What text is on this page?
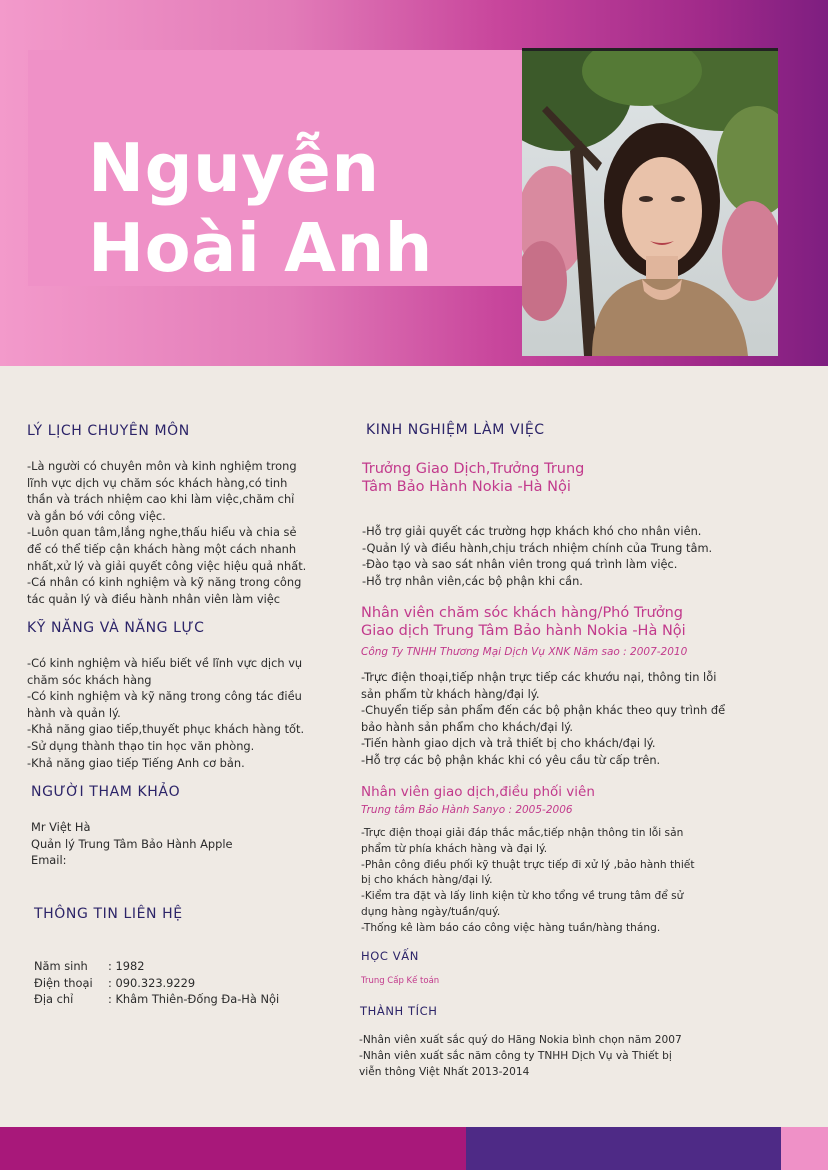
Nguyễn
Hoài Anh
LÝ LỊCH CHUYÊN MÔN
-Là người có chuyên môn và kinh nghiệm trong
lĩnh vực dịch vụ chăm sóc khách hàng,có tinh
thần và trách nhiệm cao khi làm việc,chăm chỉ
và gắn bó với công việc.
-Luôn quan tâm,lắng nghe,thấu hiểu và chia sẻ
để có thể tiếp cận khách hàng một cách nhanh
nhất,xử lý và giải quyết công việc hiệu quả nhất.
-Cá nhân có kinh nghiệm và kỹ năng trong công
tác quản lý và điều hành nhân viên làm việc
KỸ NĂNG VÀ NĂNG LỰC
-Có kinh nghiệm và hiểu biết về lĩnh vực dịch vụ
chăm sóc khách hàng
-Có kinh nghiệm và kỹ năng trong công tác điều
hành và quản lý.
-Khả năng giao tiếp,thuyết phục khách hàng tốt.
-Sử dụng thành thạo tin học văn phòng.
-Khả năng giao tiếp Tiếng Anh cơ bản.
NGƯỜI THAM KHẢO
Mr Việt Hà
Quản lý Trung Tâm Bảo Hành Apple
Email:
THÔNG TIN LIÊN HỆ
Năm sinh : 1982
Điện thoại : 090.323.9229
Địa chỉ	: Khâm Thiên-Đống Đa-Hà Nội
KINH NGHIỆM LÀM VIỆC
Trưởng Giao Dịch,Trưởng Trung
Tâm Bảo Hành Nokia -Hà Nội
-Hỗ trợ giải quyết các trường hợp khách khó cho nhân viên.
-Quản lý và điều hành,chịu trách nhiệm chính của Trung tâm.
-Đào tạo và sao sát nhân viên trong quá trình làm việc.
-Hỗ trợ nhân viên,các bộ phận khi cần.
Nhân viên chăm sóc khách hàng/Phó Trưởng
Giao dịch Trung Tâm Bảo hành Nokia -Hà Nội
Công Ty TNHH Thương Mại Dịch Vụ XNK Năm sao : 2007-2010
-Trực điện thoại,tiếp nhận trực tiếp các khướu nại, thông tin lỗi
sản phẩm từ khách hàng/đại lý.
-Chuyển tiếp sản phẩm đến các bộ phận khác theo quy trình để
bảo hành sản phẩm cho khách/đại lý.
-Tiến hành giao dịch và trả thiết bị cho khách/đại lý.
-Hỗ trợ các bộ phận khác khi có yêu cầu từ cấp trên.
Nhân viên giao dịch,điều phối viên
Trung tâm Bảo Hành Sanyo : 2005-2006
-Trực điện thoại giải đáp thắc mắc,tiếp nhận thông tin lỗi sản
phẩm từ phía khách hàng và đại lý.
-Phân công điều phối kỹ thuật trực tiếp đi xử lý ,bảo hành thiết
bị cho khách hàng/đại lý.
-Kiểm tra đặt và lấy linh kiện từ kho tổng về trung tâm để sử
dụng hàng ngày/tuần/quý.
-Thống kê làm báo cáo công việc hàng tuần/hàng tháng.
HỌC VẤN
Trung Cấp Kế toán
THÀNH TÍCH
-Nhân viên xuất sắc quý do Hãng Nokia bình chọn năm 2007
-Nhân viên xuất sắc năm công ty TNHH Dịch Vụ và Thiết bị
viễn thông Việt Nhất 2013-2014
